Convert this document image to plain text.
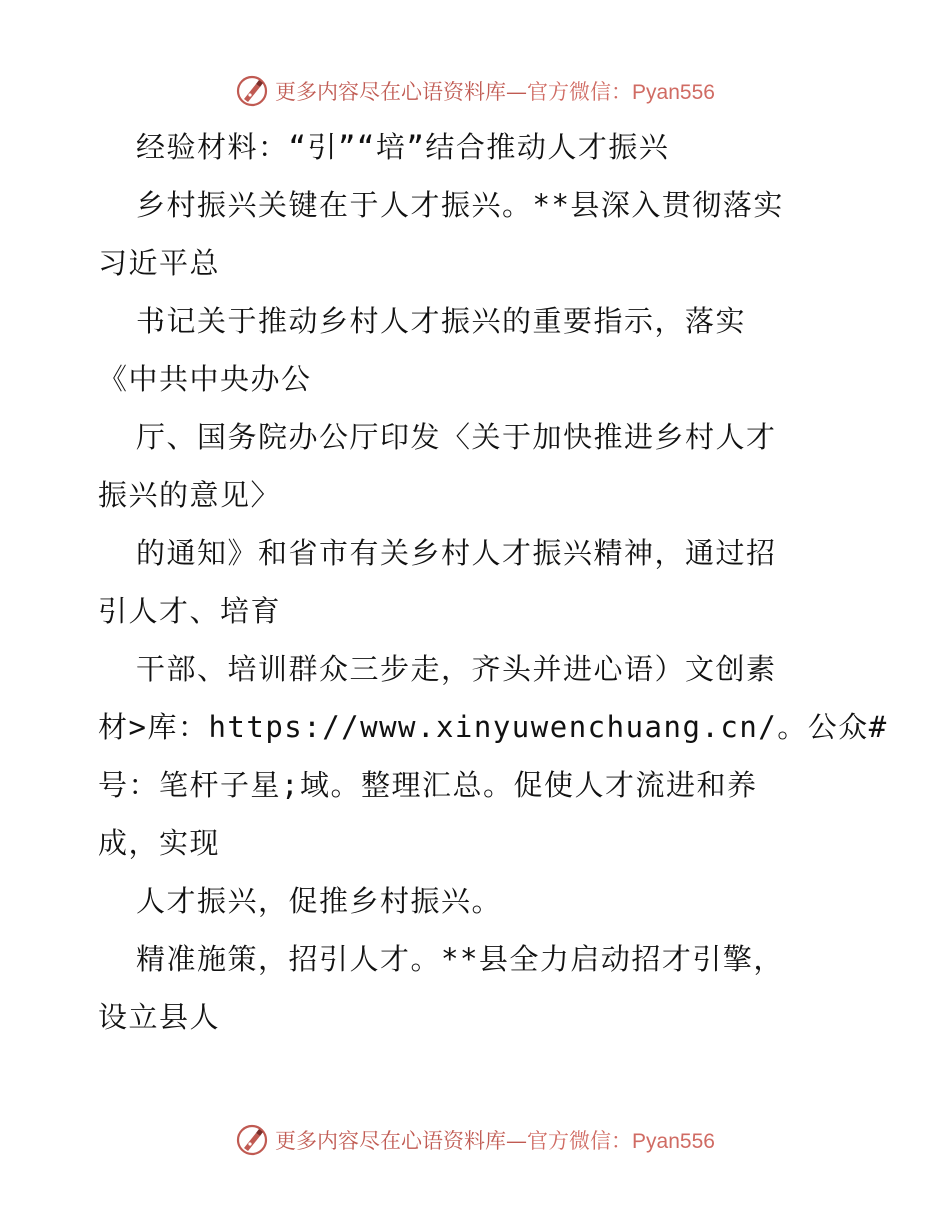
更多内容尽在心语资料库—官方微信：Pyan556
经验材料：“引”“培”结合推动人才振兴
乡村振兴关键在于人才振兴。**县深入贯彻落实
习近平总
书记关于推动乡村人才振兴的重要指示，落实
《中共中央办公
厅、国务院办公厅印发〈关于加快推进乡村人才
振兴的意见〉
的通知》和省市有关乡村人才振兴精神，通过招
引人才、培育
干部、培训群众三步走，齐头并进心语）文创素
材>库：https://www.xinyuwenchuang.cn/。公众#
号：笔杆子星;域。整理汇总。促使人才流进和养
成，实现
人才振兴，促推乡村振兴。
精准施策，招引人才。**县全力启动招才引擎，
设立县人
更多内容尽在心语资料库—官方微信：Pyan556
